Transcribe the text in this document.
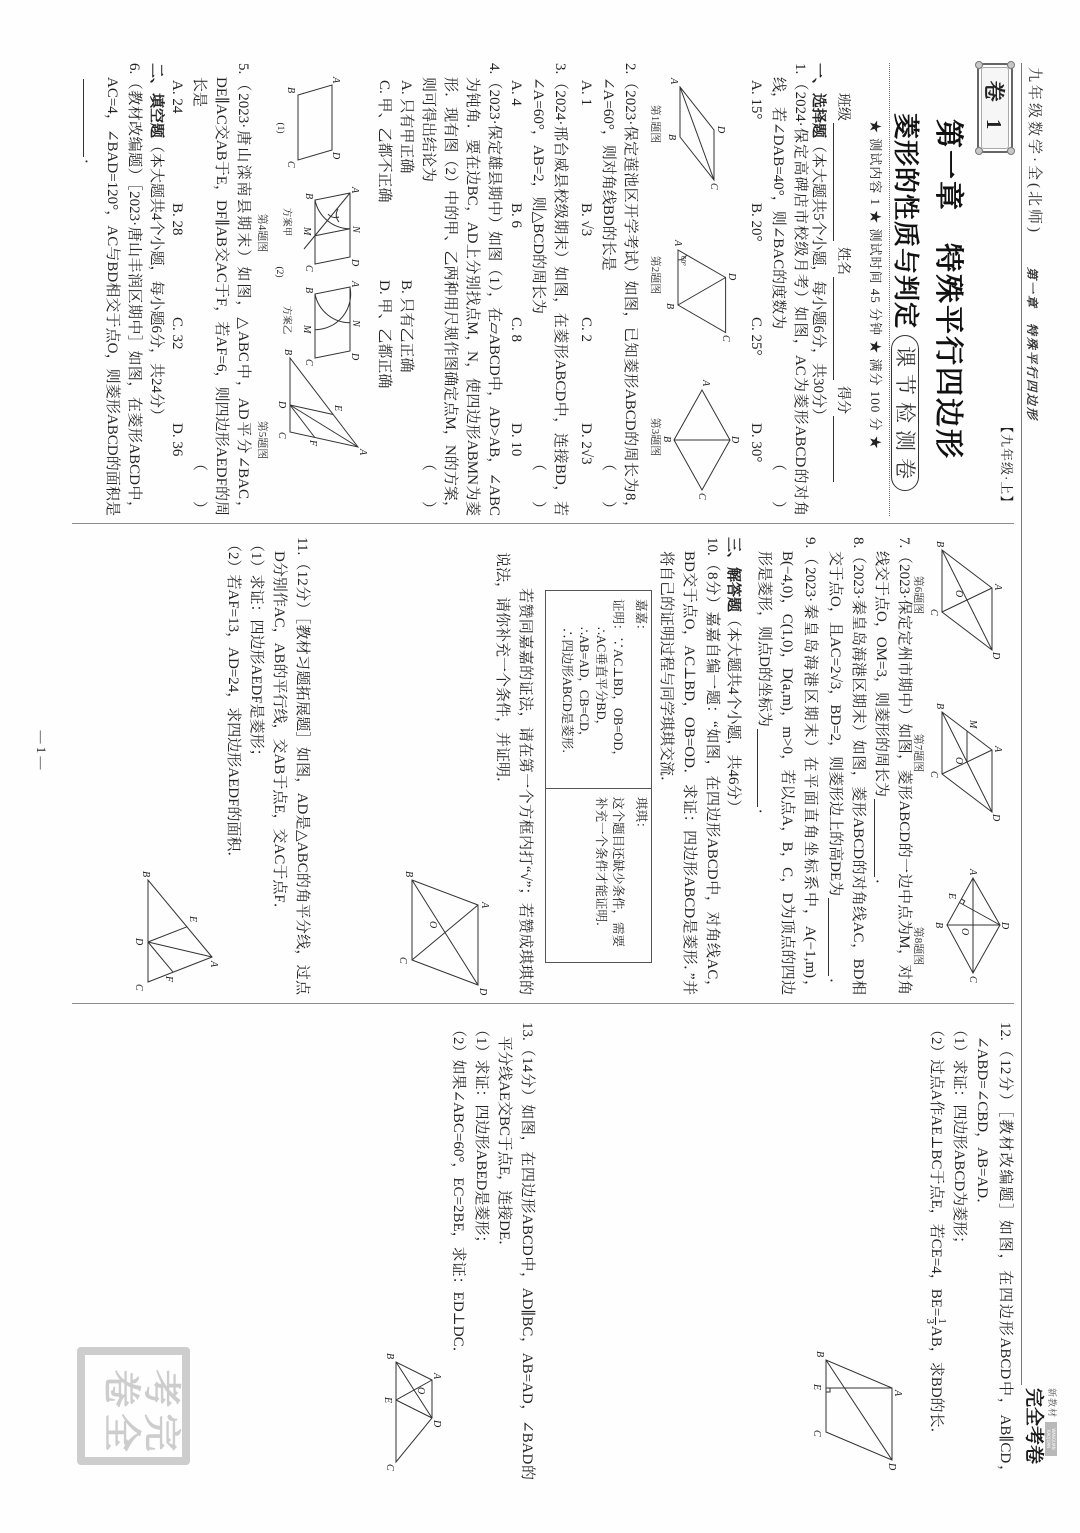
九年级数学·全(北师)
第一章　特殊平行四边形
新教材
WANQUAN KAOJUAN
完全考卷
卷 1
【九年级·上】
第一章　特殊平行四边形
菱形的性质与判定
课节检测卷
★ 测试内容 1 ★ 测试时间 45 分钟 ★ 满分 100 分 ★
班级
姓名
得分
一、选择题（本大题共5个小题，每小题6分，共30分）
1.（2024·保定高碑店市校级月考）如图，AC为菱形ABCD的对角线，若∠DAB=40°，则∠BAC的度数为
（　　）
A. 15°
B. 20°
C. 25°
D. 30°
A
B
C
D
第1题图
60°
A
B
C
D
第2题图
A
B
C
D
第3题图
2.（2023·保定莲池区开学考试）如图，已知菱形ABCD的周长为8，∠A=60°，则对角线BD的长是
（　　）
A. 1
B. √3
C. 2
D. 2√3
3.（2024·邢台威县校级期末）如图，在菱形ABCD中，连接BD，若∠A=60°，AB=2，则△BCD的周长为
（　　）
A. 4
B. 6
C. 8
D. 10
4.（2023·保定雄县期中）如图（1），在▱ABCD中，AD>AB，∠ABC为钝角．要在边BC，AD上分别找点M，N，使四边形ABMN为菱形．现有图（2）中的甲、乙两种用尺规作图确定点M，N的方案，则可得出结论为
（　　）
A. 只有甲正确
B. 只有乙正确
C. 甲、乙都不正确
D. 甲、乙都正确
A
B
C
D
(1)
A
N
D
B
M
C
方案甲
A
N
D
B
M
C
方案乙
(2)
第4题图
A
B
C
D	E
F
第5题图
5.（2023·唐山滦南县期末）如图，△ABC中，AD平分∠BAC，DE∥AC交AB于E，DF∥AB交AC于F，若AF=6，则四边形AEDF的周长是
（　　）
A. 24
B. 28
C. 32
D. 36
二、填空题（本大题共4个小题，每小题6分，共24分）
6.（教材改编题）［2023·唐山丰润区期中］如图，在菱形ABCD中，AC=4，∠BAD=120°，AC与BD相交于点O，则菱形ABCD的面积是．
A
B
C
D
O
第6题图
A
B
C
D
M
O
第7题图
A
B
C
D
E
O
第8题图
7.（2023·保定定州市期中）如图，菱形ABCD的一边中点为M，对角线交于点O，OM=3，则菱形的周长为．
8.（2023·秦皇岛海港区期末）如图，菱形ABCD的对角线AC，BD相交于点O，且AC=2√3，BD=2，则菱形边上的高DE为．
9.（2023·秦皇岛海港区期末）在平面直角坐标系中，A(−1,m)，B(−4,0)，C(1,0)，D(a,m)，m>0，若以点A，B，C，D为顶点的四边形是菱形，则点D的坐标为．
三、解答题（本大题共4个小题，共46分）
10.（8分）嘉嘉自编一题：“如图，在四边形ABCD中，对角线AC，BD交于点O，AC⊥BD，OB=OD．求证：四边形ABCD是菱形．”并将自己的证明过程与同学琪琪交流．
嘉嘉：
证明：∵AC⊥BD，OB=OD，
∴AC垂直平分BD，
∴AB=AD，CB=CD，
∴四边形ABCD是菱形．
琪琪：
这个题目还缺少条件，需要补充一个条件才能证明．
若赞同嘉嘉的证法，请在第一个方框内打“√”；若赞成琪琪的说法，请你补充一个条件，并证明．
A
B
C
D
O
11.（12分）［教材习题拓展题］如图，AD是△ABC的角平分线，过点D分别作AC，AB的平行线，交AB于点E，交AC于点F．
（1）求证：四边形AEDF是菱形；
（2）若AF=13，AD=24，求四边形AEDF的面积．
A
B
C
D
E
F
12.（12分）［教材改编题］如图，在四边形ABCD中，AB∥CD，∠ABD=∠CBD，AB=AD．
（1）求证：四边形ABCD为菱形；
（2）过点A作AE⊥BC于点E，若CE=4，BE=
1
3
AB，求BD的长．
A
B
C
D
E
13.（14分）如图，在四边形ABCD中，AD∥BC，AB=AD，∠BAD的平分线AE交BC于点E，连接DE．
（1）求证：四边形ABED是菱形；
（2）如果∠ABC=60°，EC=2BE，求证：ED⊥DC．
A
B
C
D
E
O
完全考卷
— 1 —
